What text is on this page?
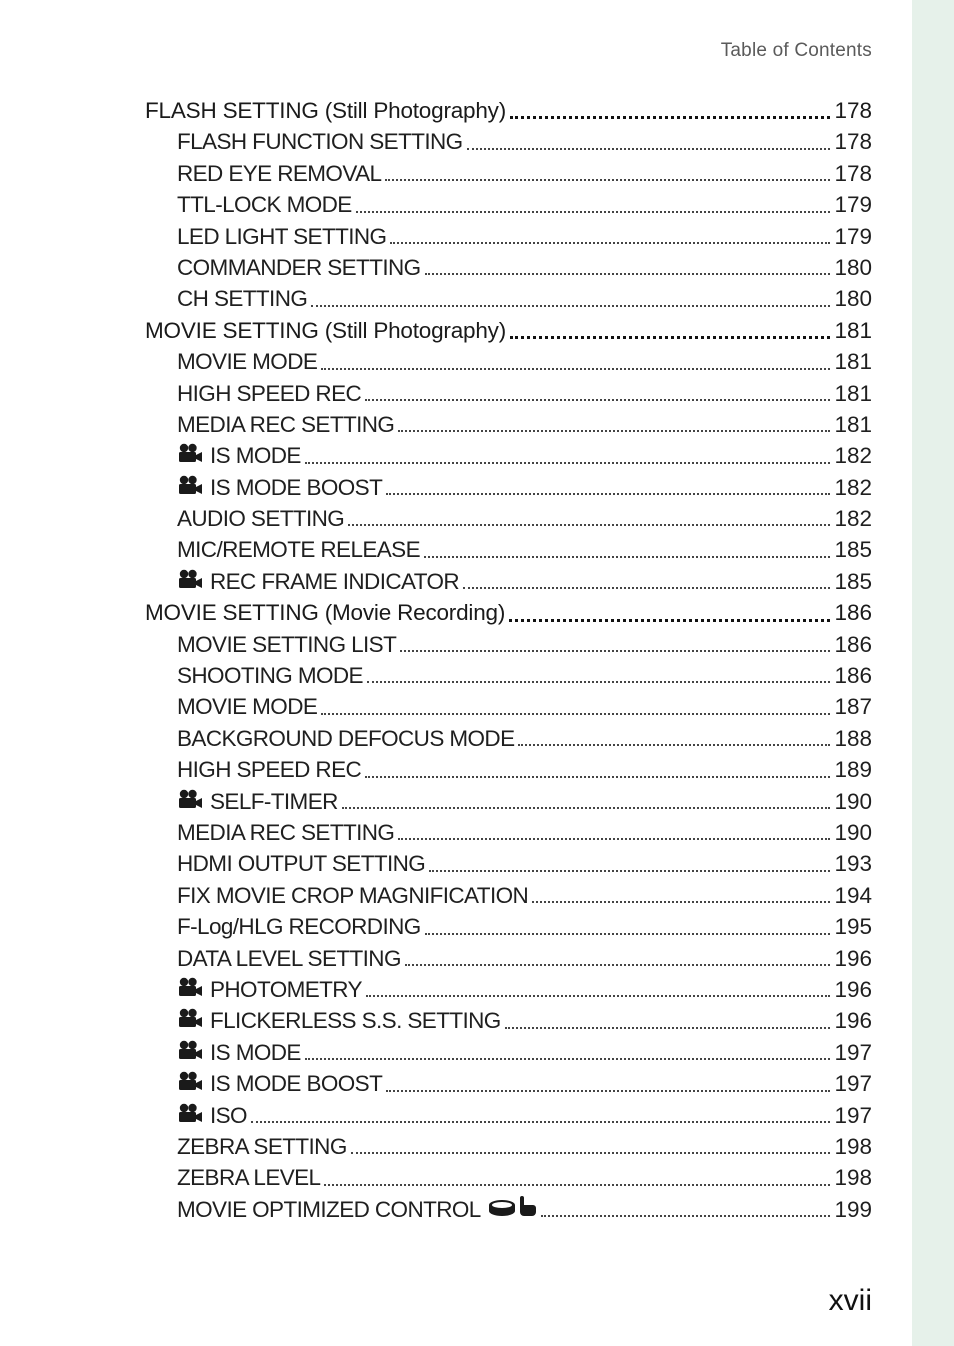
Table of Contents
FLASH SETTING (Still Photography)	178
FLASH FUNCTION SETTING	178
RED EYE REMOVAL	178
TTL-LOCK MODE	179
LED LIGHT SETTING	179
COMMANDER SETTING	180
CH SETTING	180
MOVIE SETTING (Still Photography)	181
MOVIE MODE	181
HIGH SPEED REC	181
MEDIA REC SETTING	181
IS MODE	182
IS MODE BOOST	182
AUDIO SETTING	182
MIC/REMOTE RELEASE	185
REC FRAME INDICATOR	185
MOVIE SETTING (Movie Recording)	186
MOVIE SETTING LIST	186
SHOOTING MODE	186
MOVIE MODE	187
BACKGROUND DEFOCUS MODE	188
HIGH SPEED REC	189
SELF-TIMER	190
MEDIA REC SETTING	190
HDMI OUTPUT SETTING	193
FIX MOVIE CROP MAGNIFICATION	194
F-Log/HLG RECORDING	195
DATA LEVEL SETTING	196
PHOTOMETRY	196
FLICKERLESS S.S. SETTING	196
IS MODE	197
IS MODE BOOST	197
ISO	197
ZEBRA SETTING	198
ZEBRA LEVEL	198
MOVIE OPTIMIZED CONTROL	199
xvii
